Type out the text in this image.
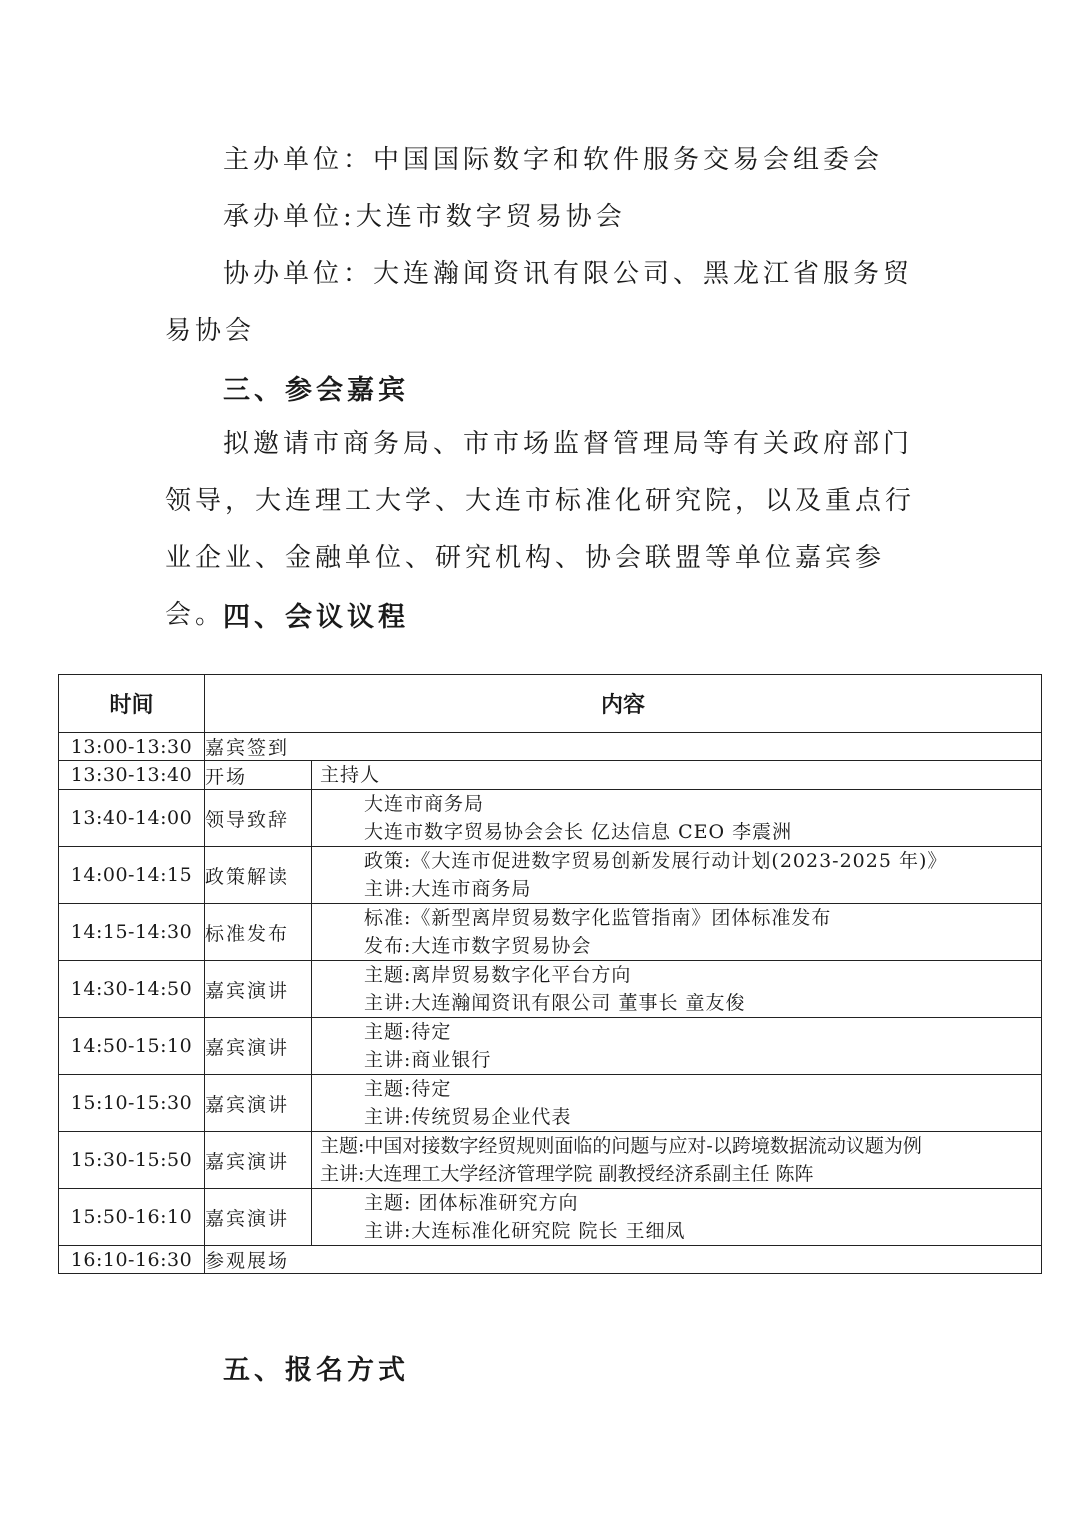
主办单位：中国国际数字和软件服务交易会组委会

承办单位:大连市数字贸易协会

协办单位：大连瀚闻资讯有限公司、黑龙江省服务贸易协会

三、参会嘉宾

拟邀请市商务局、市市场监督管理局等有关政府部门领导，大连理工大学、大连市标准化研究院，以及重点行业企业、金融单位、研究机构、协会联盟等单位嘉宾参会。

四、会议议程

时间	内容	
13:00-13:30	嘉宾签到	
13:30-13:40	开场	主持人

13:40-14:00	领导致辞	大连市商务局
大连市数字贸易协会会长 亿达信息 CEO 李震洲

14:00-14:15	政策解读	政策:《大连市促进数字贸易创新发展行动计划(2023-2025 年)》
主讲:大连市商务局

14:15-14:30	标准发布	标准:《新型离岸贸易数字化监管指南》团体标准发布
发布:大连市数字贸易协会

14:30-14:50	嘉宾演讲	主题:离岸贸易数字化平台方向
主讲:大连瀚闻资讯有限公司 董事长 童友俊

14:50-15:10	嘉宾演讲	主题:待定
主讲:商业银行

15:10-15:30	嘉宾演讲	主题:待定
主讲:传统贸易企业代表

15:30-15:50	嘉宾演讲	主题:中国对接数字经贸规则面临的问题与应对-以跨境数据流动议题为例
主讲:大连理工大学经济管理学院 副教授经济系副主任 陈阵

15:50-16:10	嘉宾演讲	主题: 团体标准研究方向
主讲:大连标准化研究院 院长 王细凤

16:10-16:30	参观展场	

五、报名方式
